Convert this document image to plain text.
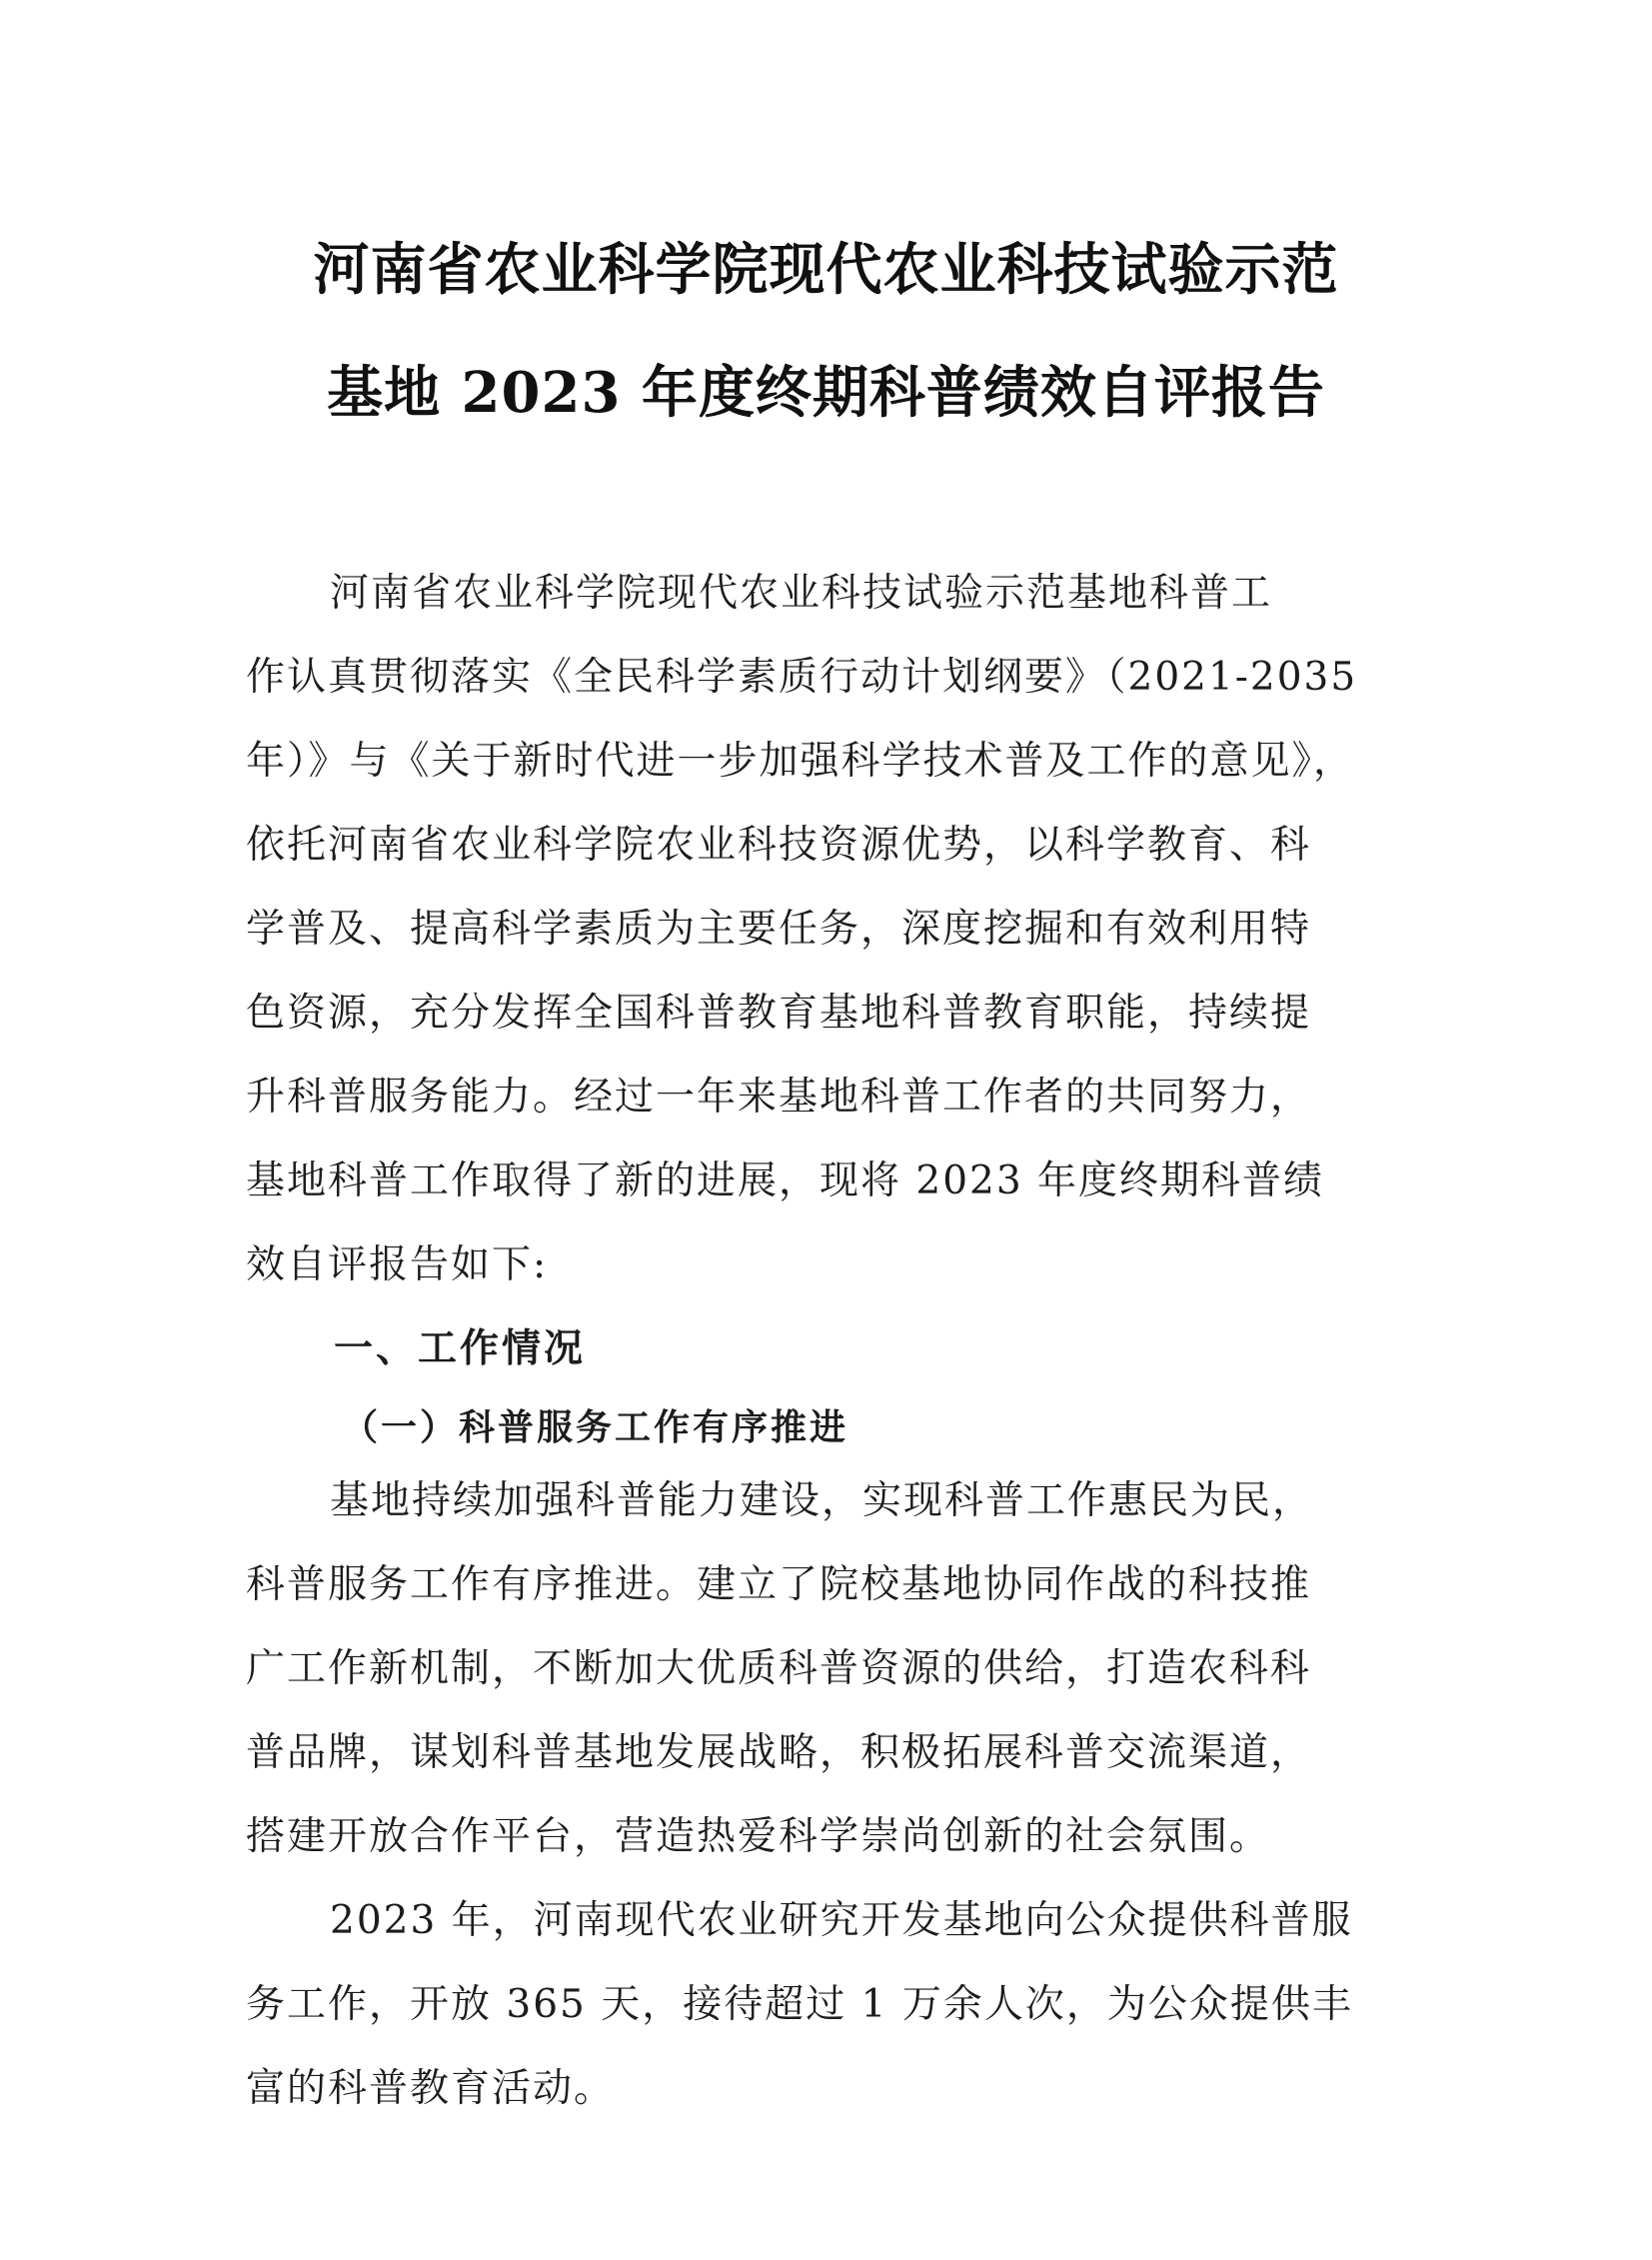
河南省农业科学院现代农业科技试验示范
基地 2023 年度终期科普绩效自评报告
河南省农业科学院现代农业科技试验示范基地科普工
作认真贯彻落实《全民科学素质行动计划纲要》（2021-2035
年）》与《关于新时代进一步加强科学技术普及工作的意见》，
依托河南省农业科学院农业科技资源优势，以科学教育、科
学普及、提高科学素质为主要任务，深度挖掘和有效利用特
色资源，充分发挥全国科普教育基地科普教育职能，持续提
升科普服务能力。经过一年来基地科普工作者的共同努力，
基地科普工作取得了新的进展，现将 2023 年度终期科普绩
效自评报告如下:
一、工作情况
（一）科普服务工作有序推进
基地持续加强科普能力建设，实现科普工作惠民为民，
科普服务工作有序推进。建立了院校基地协同作战的科技推
广工作新机制，不断加大优质科普资源的供给，打造农科科
普品牌，谋划科普基地发展战略，积极拓展科普交流渠道，
搭建开放合作平台，营造热爱科学崇尚创新的社会氛围。
2023 年，河南现代农业研究开发基地向公众提供科普服
务工作，开放 365 天，接待超过 1 万余人次，为公众提供丰
富的科普教育活动。
